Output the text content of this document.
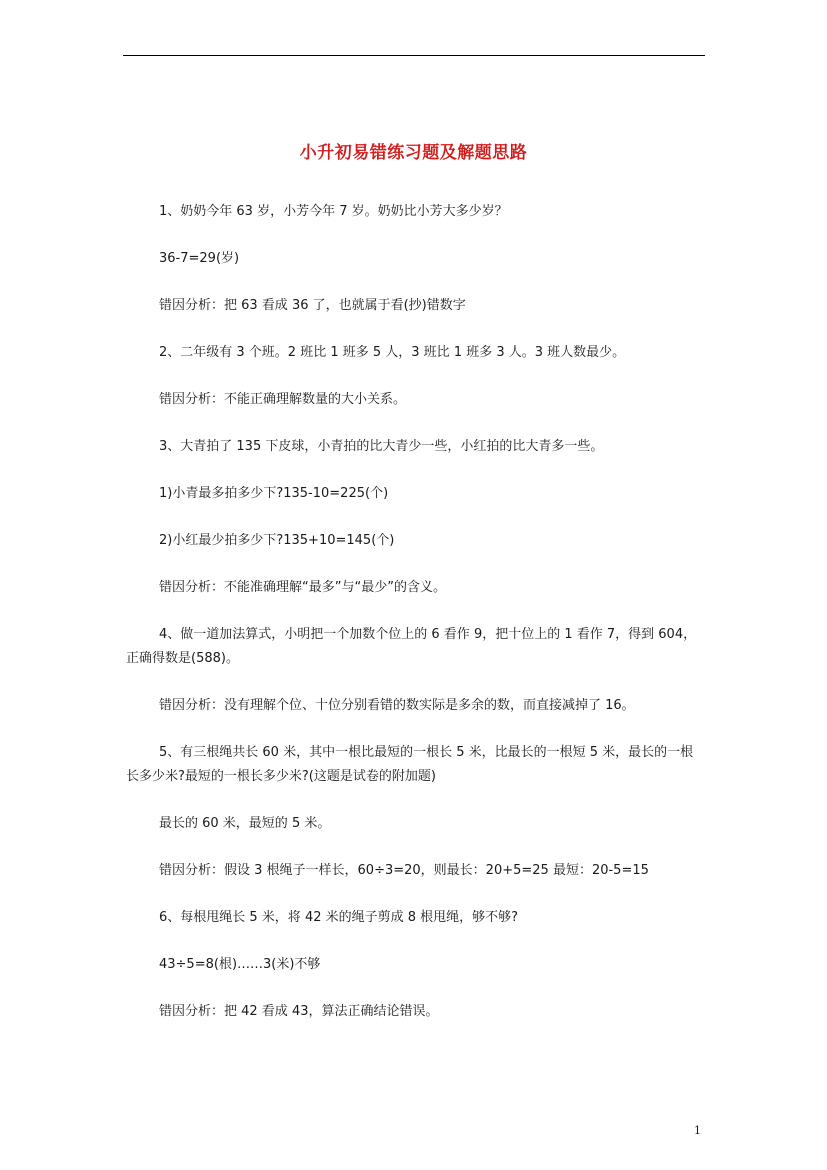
小升初易错练习题及解题思路

1、奶奶今年 63 岁，小芳今年 7 岁。奶奶比小芳大多少岁？

36-7=29(岁)

错因分析：把 63 看成 36 了，也就属于看(抄)错数字

2、二年级有 3 个班。2 班比 1 班多 5 人，3 班比 1 班多 3 人。3 班人数最少。

错因分析：不能正确理解数量的大小关系。

3、大青拍了 135 下皮球，小青拍的比大青少一些，小红拍的比大青多一些。

1)小青最多拍多少下?135-10=225(个)

2)小红最少拍多少下?135+10=145(个)

错因分析：不能准确理解“最多”与“最少”的含义。

4、做一道加法算式，小明把一个加数个位上的 6 看作 9，把十位上的 1 看作 7，得到 604，正确得数是(588)。

错因分析：没有理解个位、十位分别看错的数实际是多余的数，而直接减掉了 16。

5、有三根绳共长 60 米，其中一根比最短的一根长 5 米，比最长的一根短 5 米，最长的一根长多少米?最短的一根长多少米?(这题是试卷的附加题)

最长的 60 米，最短的 5 米。

错因分析：假设 3 根绳子一样长，60÷3=20，则最长：20+5=25 最短：20-5=15

6、每根甩绳长 5 米，将 42 米的绳子剪成 8 根甩绳，够不够?

43÷5=8(根)……3(米)不够

错因分析：把 42 看成 43，算法正确结论错误。

1
